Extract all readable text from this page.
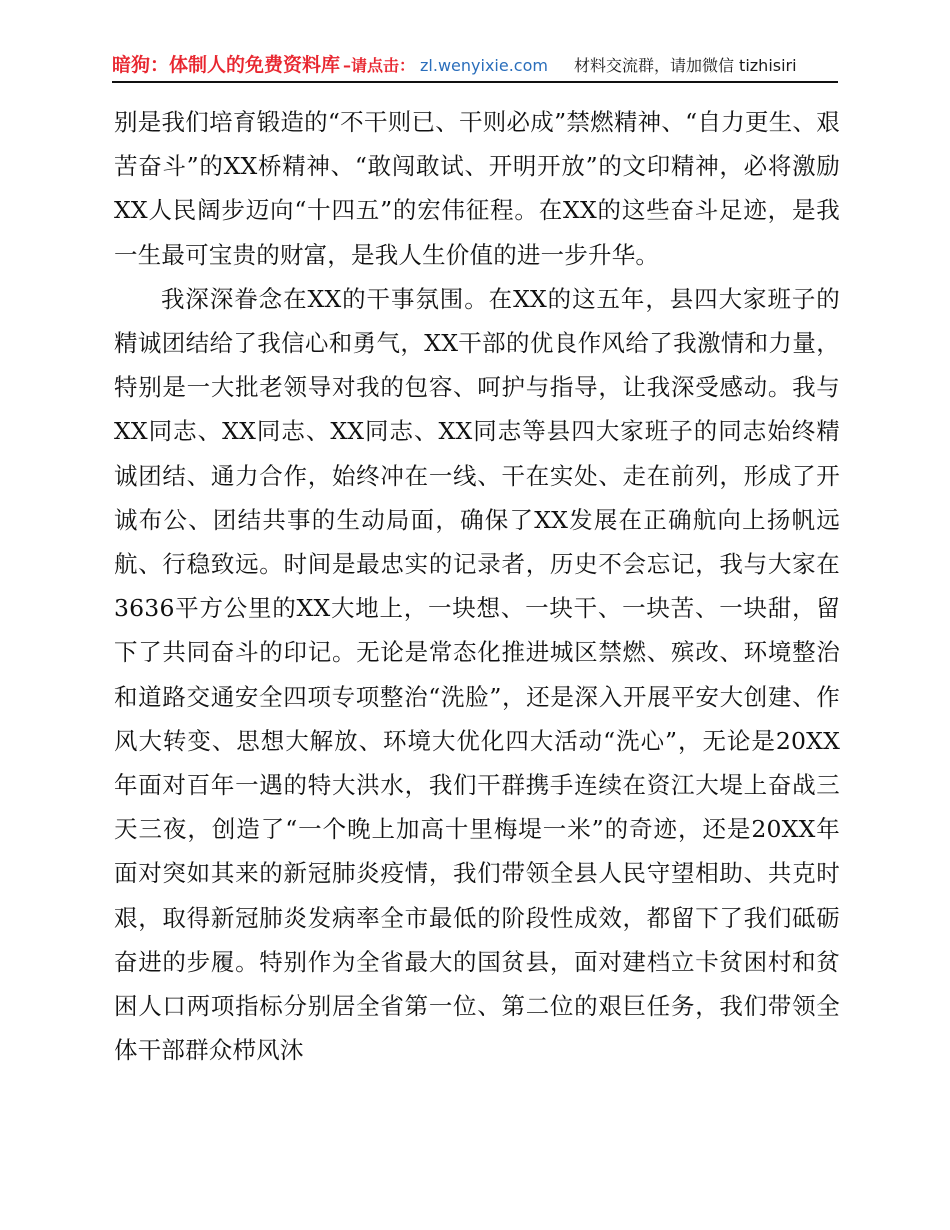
暗狗：体制人的免费资料库 –请点击： zl.wenyixie.com 材料交流群，请加微信 tizhisiri

别是我们培育锻造的“不干则已、干则必成”禁燃精神、“自力更生、艰苦奋斗”的XX桥精神、“敢闯敢试、开明开放”的文印精神，必将激励XX人民阔步迈向“十四五”的宏伟征程。在XX的这些奋斗足迹，是我一生最可宝贵的财富，是我人生价值的进一步升华。

我深深眷念在XX的干事氛围。在XX的这五年，县四大家班子的精诚团结给了我信心和勇气，XX干部的优良作风给了我激情和力量，特别是一大批老领导对我的包容、呵护与指导，让我深受感动。我与XX同志、XX同志、XX同志、XX同志等县四大家班子的同志始终精诚团结、通力合作，始终冲在一线、干在实处、走在前列，形成了开诚布公、团结共事的生动局面，确保了XX发展在正确航向上扬帆远航、行稳致远。时间是最忠实的记录者，历史不会忘记，我与大家在3636平方公里的XX大地上，一块想、一块干、一块苦、一块甜，留下了共同奋斗的印记。无论是常态化推进城区禁燃、殡改、环境整治和道路交通安全四项专项整治“洗脸”，还是深入开展平安大创建、作风大转变、思想大解放、环境大优化四大活动“洗心”，无论是20XX年面对百年一遇的特大洪水，我们干群携手连续在资江大堤上奋战三天三夜，创造了“一个晚上加高十里梅堤一米”的奇迹，还是20XX年面对突如其来的新冠肺炎疫情，我们带领全县人民守望相助、共克时艰，取得新冠肺炎发病率全市最低的阶段性成效，都留下了我们砥砺奋进的步履。特别作为全省最大的国贫县，面对建档立卡贫困村和贫困人口两项指标分别居全省第一位、第二位的艰巨任务，我们带领全体干部群众栉风沐
